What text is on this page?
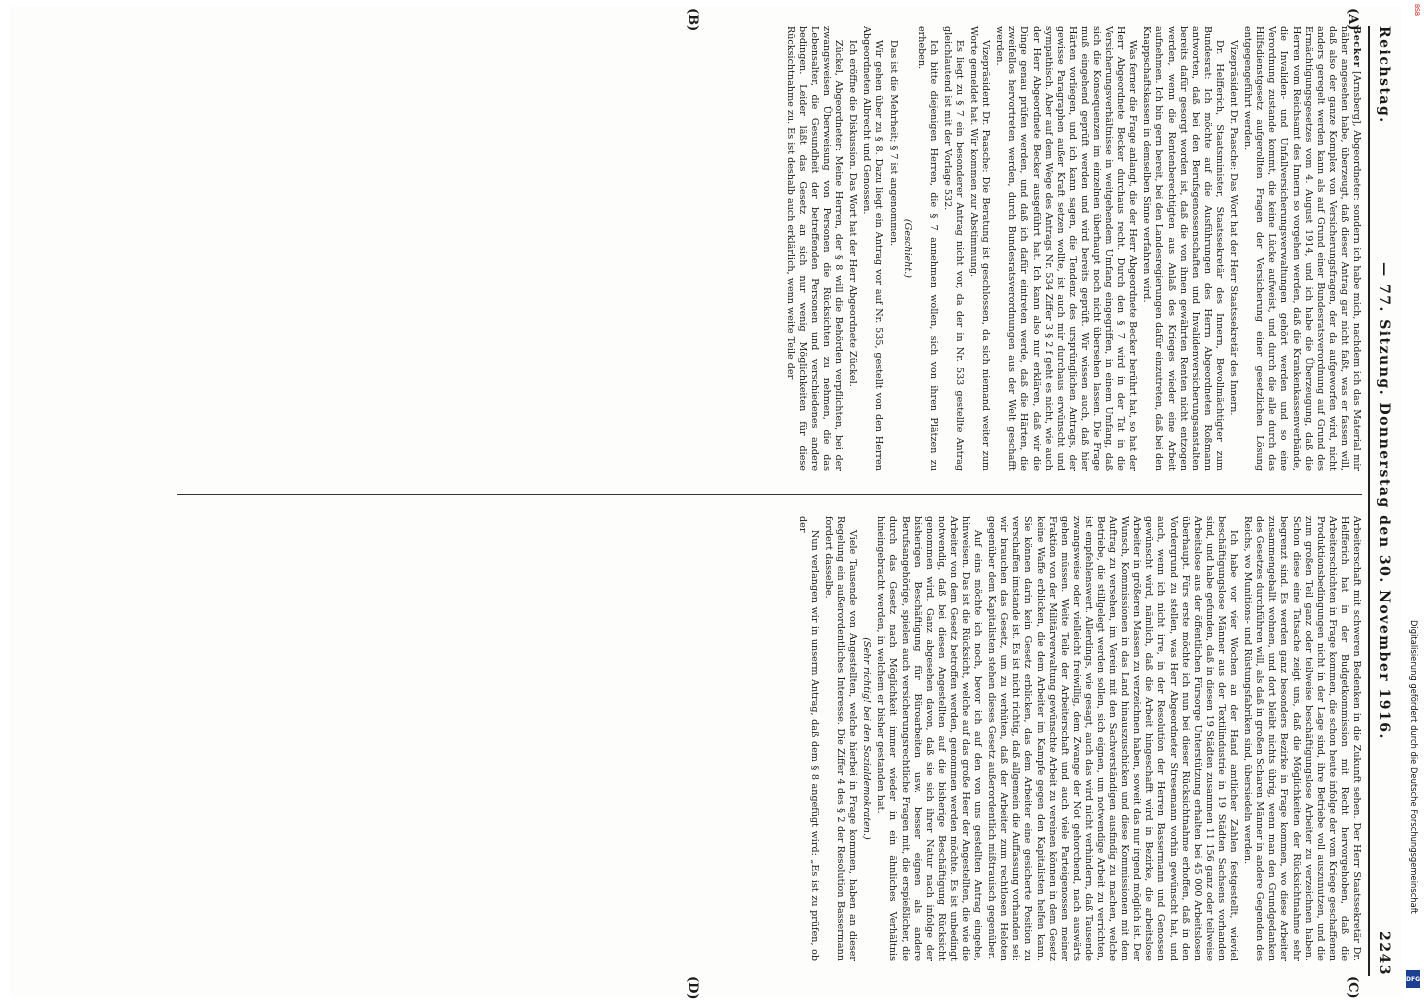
Reichstag.
— 77. Sitzung. Donnerstag den 30. November 1916.
2243
(A)
(B)
(C)
(D)

Becker [Arnsberg], Abgeordneter: sondern ich habe mich, nachdem ich das Material mir näher angesehen habe, überzeugt, daß dieser Antrag gar nicht faßt, was er fassen will, daß also der ganze Komplex von Versicherungsfragen, der da aufgeworfen wird, nicht anders geregelt werden kann als auf Grund einer Bundesratsverordnung auf Grund des Ermächtigungsgesetzes vom 4. August 1914, und ich habe die Überzeugung, daß die Herren vom Reichsamt des Innern so vorgehen werden, daß die Krankenkassenverbände, die Invaliden- und Unfallversicherungsverwaltungen gehört werden und so eine Verordnung zustande kommt, die keine Lücke aufweist, und durch die alle durch das Hilfsdienstgesetz aufgerollten Fragen der Versicherung einer gesetzlichen Lösung entgegengeführt werden.

Vizepräsident Dr. Paasche: Das Wort hat der Herr Staatssekretär des Innern.

Dr. Helfferich, Staatsminister, Staatssekretär des Innern, Bevollmächtigter zum Bundesrat: Ich möchte auf die Ausführungen des Herrn Abgeordneten Roßmann antworten, daß bei den Berufsgenossenschaften und Invalidenversicherungsanstalten bereits dafür gesorgt worden ist, daß die von ihnen gewährten Renten nicht entzogen werden, wenn die Rentenberechtigten aus Anlaß des Krieges wieder eine Arbeit aufnehmen. Ich bin gern bereit, bei den Landesregierungen dafür einzutreten, daß bei den Knappschaftskassen in demselben Sinne verfahren wird.

Was ferner die Frage anlangt, die der Herr Abgeordnete Becker berührt hat, so hat der Herr Abgeordnete Becker durchaus recht. Durch den § 7 wird in der Tat in die Versicherungsverhältnisse in weitgehendem Umfang eingegriffen, in einem Umfang, daß sich die Konsequenzen im einzelnen überhaupt noch nicht übersehen lassen. Die Frage muß eingehend geprüft werden und wird bereits geprüft. Wir wissen auch, daß hier Härten vorliegen, und ich kann sagen, die Tendenz des ursprünglichen Antrags, der gewisse Paragraphen außer Kraft setzen wollte, ist auch mir durchaus erwünscht und sympathisch. Aber auf dem Wege des Antrags Nr. 534 Ziffer 3 § 2 f geht es nicht, wie auch der Herr Abgeordnete Becker ausgeführt hat. Ich kann also nur erklären, daß wir die Dinge genau prüfen werden, und daß ich dafür eintreten werde, daß die Härten, die zweifellos hervortreten werden, durch Bundesratsverordnungen aus der Welt geschafft werden.

Vizepräsident Dr. Paasche: Die Beratung ist geschlossen, da sich niemand weiter zum Worte gemeldet hat. Wir kommen zur Abstimmung.

Es liegt zu § 7 ein besonderer Antrag nicht vor, da der in Nr. 533 gestellte Antrag gleichlautend ist mit der Vorlage 532.

Ich bitte diejenigen Herren, die § 7 annehmen wollen, sich von ihren Plätzen zu erheben.

(Geschieht.)

Das ist die Mehrheit; § 7 ist angenommen.

Wir gehen über zu § 8. Dazu liegt ein Antrag vor auf Nr. 535, gestellt von den Herren Abgeordneten Albrecht und Genossen.

Ich eröffne die Diskussion. Das Wort hat der Herr Abgeordnete Zückel.

Zückel, Abgeordneter: Meine Herren, der § 8 will die Behörden verpflichten, bei der zwangsweisen Überweisung von Personen die Rücksichten zu nehmen, die das Lebensalter, die Gesundheit der betreffenden Personen und verschiedenes andere bedingen. Leider läßt das Gesetz an sich nur wenig Möglichkeiten für diese Rücksichtnahme zu. Es ist deshalb auch erklärlich, wenn weite Teile der

Arbeiterschaft mit schweren Bedenken in die Zukunft sehen. Der Herr Staatssekretär Dr. Helfferich hat in der Budgetkommission mit Recht hervorgehoben, daß die Arbeiterschichten in Frage kommen, die schon heute infolge der vom Kriege geschaffenen Produktionsbedingungen nicht in der Lage sind, ihre Betriebe voll auszunutzen, und die zum großen Teil ganz oder teilweise beschäftigungslose Arbeiter zu verzeichnen haben. Schon diese eine Tatsache zeigt uns, daß die Möglichkeiten der Rücksichtnahme sehr begrenzt sind. Es werden ganz besonders Bezirke in Frage kommen, wo diese Arbeiter zusammengeballt wohnen, und dort bleibt nichts übrig, wenn man den Grundgedanken des Gesetzes durchführen will, als daß in großen Scharen Männer in andere Gegenden des Reichs, wo Munitions- und Rüstungsfabriken sind, übersiedeln werden.

Ich habe vor vier Wochen an der Hand amtlicher Zahlen festgestellt, wieviel beschäftigungslose Männer aus der Textilindustrie in 19 Städten Sachsens vorhanden sind, und habe gefunden, daß in diesen 19 Städten zusammen 11 156 ganz oder teilweise Arbeitslose aus der öffentlichen Fürsorge Unterstützung erhalten bei 45 000 Arbeitslosen überhaupt. Fürs erste möchte ich nun bei dieser Rücksichtnahme erhoffen, daß in den Vordergrund zu stellen, was Herr Abgeordneter Stresemann vorhin gewünscht hat, und auch, wenn ich nicht irre, in der Resolution der Herren Bassermann und Genossen gewünscht wird, nämlich, daß die Arbeit hingeschafft wird in Bezirke, die arbeitslose Arbeiter in größeren Massen zu verzeichnen haben, soweit das nur irgend möglich ist. Der Wunsch, Kommissionen in das Land hinauszuschicken und diese Kommissionen mit dem Auftrag zu versehen, im Verein mit den Sachverständigen ausfindig zu machen, welche Betriebe, die stillgelegt werden sollen, sich eignen, um notwendige Arbeit zu verrichten, ist empfehlenswert. Allerdings, wie gesagt, auch das wird nicht verhindern, daß Tausende zwangsweise oder vielleicht freiwillig, dem Zwange der Not gehorchend, nach auswärts gehen müssen. Weite Teile der Arbeiterschaft und auch viele Parteigenossen meiner Fraktion von der Militärverwaltung gewünschte Arbeit zu vereinen können in dem Gesetz keine Waffe erblicken, die dem Arbeiter im Kampfe gegen den Kapitalisten helfen kann. Sie können darin kein Gesetz erblicken, das dem Arbeiter eine gesicherte Position zu verschaffen imstande ist. Es ist nicht richtig, daß allgemein die Auffassung vorhanden sei: wir brauchen das Gesetz, um zu verhüten, daß der Arbeiter zum rechtlosen Heloten gegenüber dem Kapitalisten stehen dieses Gesetz außerordentlich mißtrauisch gegenüber.

Auf eins möchte ich noch, bevor ich auf den von uns gestellten Antrag eingehe, hinweisen. Das ist die Rücksicht, welche auf das große Heer der Angestellten, die wie die Arbeiter von dem Gesetz betroffen werden, genommen werden möchte. Es ist unbedingt notwendig, daß bei diesen Angestellten auf die bisherige Beschäftigung Rücksicht genommen wird. Ganz abgesehen davon, daß sie sich ihrer Natur nach infolge der bisherigen Beschäftigung für Büroarbeiten usw. besser eignen als andere Berufsangehörige, spielen auch versicherungsrechtliche Fragen mit, die erspießlicher, die durch das Gesetz nach Möglichkeit immer wieder in ein ähnliches Verhältnis hineingebracht werden, in welchem er bisher gestanden hat.

(Sehr richtig! bei den Sozialdemokraten.)

Viele Tausende von Angestellten, welche hierbei in Frage kommen, haben an dieser Regelung ein außerordentliches Interesse. Die Ziffer 4 des § 2 der Resolution Bassermann fordert dasselbe.

Nun verlangen wir in unserm Antrag, daß dem § 8 angefügt wird: „Es ist zu prüfen, ob der

Digitalisierung gefördert durch die Deutsche Forschungsgemeinschaft
DFG
BSB
